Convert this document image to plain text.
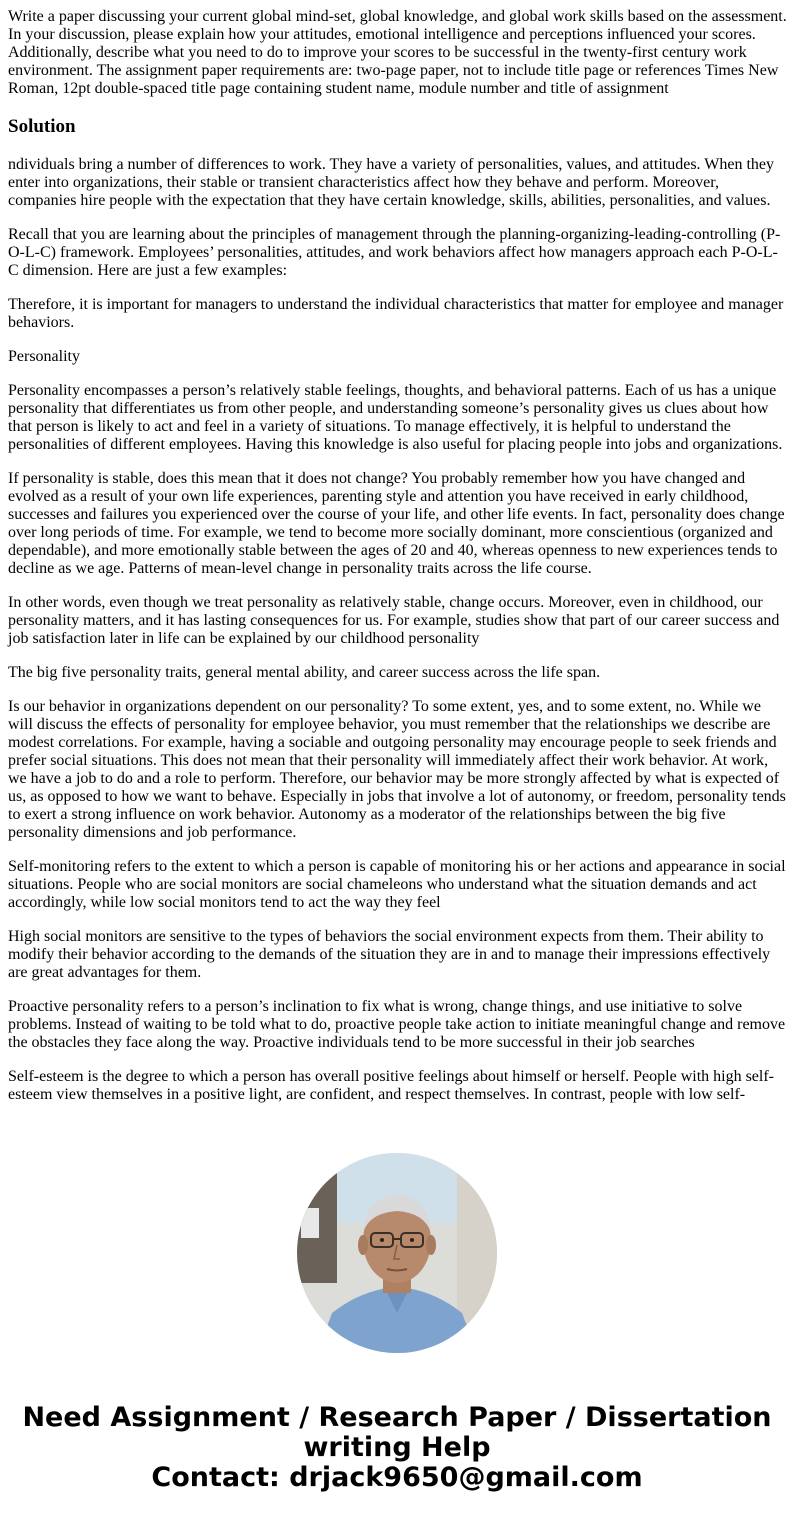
Write a paper discussing your current global mind-set, global knowledge, and global work skills based on the assessment. In your discussion, please explain how your attitudes, emotional intelligence and perceptions influenced your scores. Additionally, describe what you need to do to improve your scores to be successful in the twenty-first century work environment. The assignment paper requirements are: two-page paper, not to include title page or references Times New Roman, 12pt double-spaced title page containing student name, module number and title of assignment

Solution

ndividuals bring a number of differences to work. They have a variety of personalities, values, and attitudes. When they enter into organizations, their stable or transient characteristics affect how they behave and perform. Moreover, companies hire people with the expectation that they have certain knowledge, skills, abilities, personalities, and values.

Recall that you are learning about the principles of management through the planning-organizing-leading-controlling (P-O-L-C) framework. Employees’ personalities, attitudes, and work behaviors affect how managers approach each P-O-L-C dimension. Here are just a few examples:

Therefore, it is important for managers to understand the individual characteristics that matter for employee and manager behaviors.

Personality

Personality encompasses a person’s relatively stable feelings, thoughts, and behavioral patterns. Each of us has a unique personality that differentiates us from other people, and understanding someone’s personality gives us clues about how that person is likely to act and feel in a variety of situations. To manage effectively, it is helpful to understand the personalities of different employees. Having this knowledge is also useful for placing people into jobs and organizations.

If personality is stable, does this mean that it does not change? You probably remember how you have changed and evolved as a result of your own life experiences, parenting style and attention you have received in early childhood, successes and failures you experienced over the course of your life, and other life events. In fact, personality does change over long periods of time. For example, we tend to become more socially dominant, more conscientious (organized and dependable), and more emotionally stable between the ages of 20 and 40, whereas openness to new experiences tends to decline as we age. Patterns of mean-level change in personality traits across the life course.

In other words, even though we treat personality as relatively stable, change occurs. Moreover, even in childhood, our personality matters, and it has lasting consequences for us. For example, studies show that part of our career success and job satisfaction later in life can be explained by our childhood personality

The big five personality traits, general mental ability, and career success across the life span.

Is our behavior in organizations dependent on our personality? To some extent, yes, and to some extent, no. While we will discuss the effects of personality for employee behavior, you must remember that the relationships we describe are modest correlations. For example, having a sociable and outgoing personality may encourage people to seek friends and prefer social situations. This does not mean that their personality will immediately affect their work behavior. At work, we have a job to do and a role to perform. Therefore, our behavior may be more strongly affected by what is expected of us, as opposed to how we want to behave. Especially in jobs that involve a lot of autonomy, or freedom, personality tends to exert a strong influence on work behavior. Autonomy as a moderator of the relationships between the big five personality dimensions and job performance.

Self-monitoring refers to the extent to which a person is capable of monitoring his or her actions and appearance in social situations. People who are social monitors are social chameleons who understand what the situation demands and act accordingly, while low social monitors tend to act the way they feel

High social monitors are sensitive to the types of behaviors the social environment expects from them. Their ability to modify their behavior according to the demands of the situation they are in and to manage their impressions effectively are great advantages for them.

Proactive personality refers to a person’s inclination to fix what is wrong, change things, and use initiative to solve problems. Instead of waiting to be told what to do, proactive people take action to initiate meaningful change and remove the obstacles they face along the way. Proactive individuals tend to be more successful in their job searches

Self-esteem is the degree to which a person has overall positive feelings about himself or herself. People with high self-esteem view themselves in a positive light, are confident, and respect themselves. In contrast, people with low self-

Need Assignment / Research Paper / Dissertation
writing Help
Contact: drjack9650@gmail.com
